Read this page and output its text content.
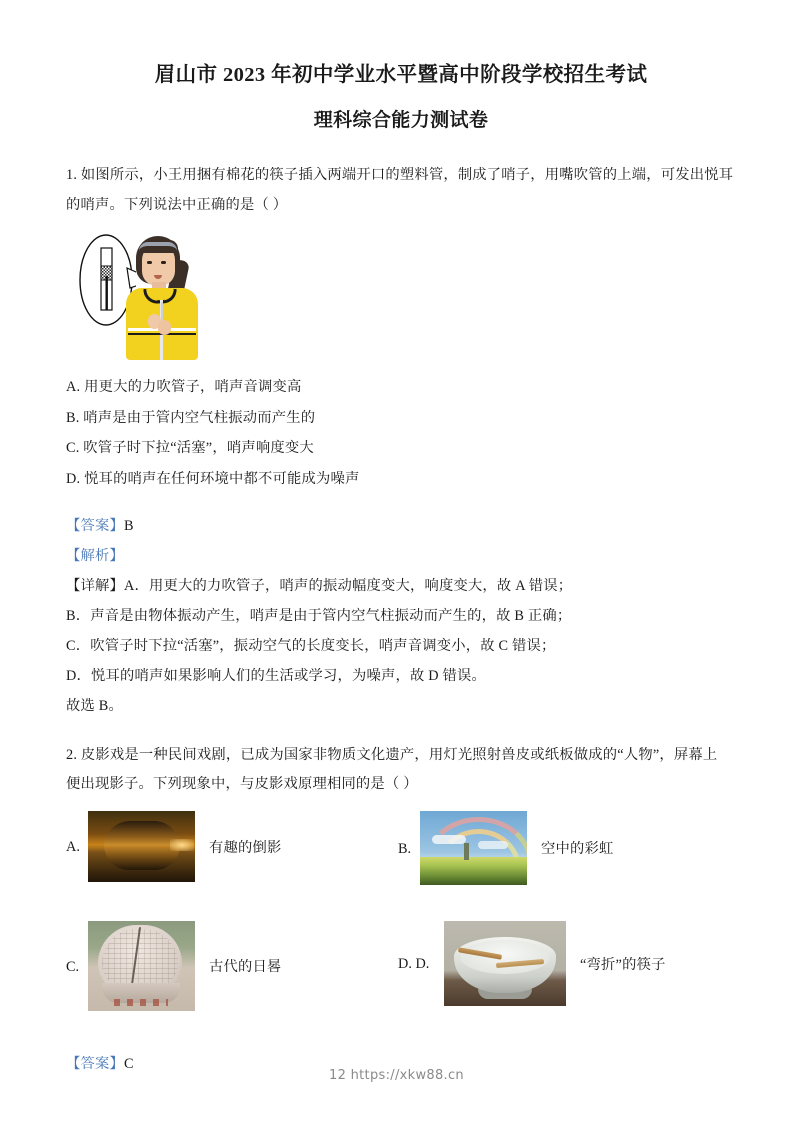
眉山市 2023 年初中学业水平暨高中阶段学校招生考试
理科综合能力测试卷
1. 如图所示，小王用捆有棉花的筷子插入两端开口的塑料管，制成了哨子，用嘴吹管的上端，可发出悦耳
的哨声。下列说法中正确的是（ ）
A. 用更大的力吹管子，哨声音调变高
B. 哨声是由于管内空气柱振动而产生的
C. 吹管子时下拉“活塞”，哨声响度变大
D. 悦耳的哨声在任何环境中都不可能成为噪声
【答案】B
【解析】
【详解】A．用更大的力吹管子，哨声的振动幅度变大，响度变大，故 A 错误；
B．声音是由物体振动产生，哨声是由于管内空气柱振动而产生的，故 B 正确；
C．吹管子时下拉“活塞”，振动空气的长度变长，哨声音调变小，故 C 错误；
D．悦耳的哨声如果影响人们的生活或学习，为噪声，故 D 错误。
故选 B。
2. 皮影戏是一种民间戏剧，已成为国家非物质文化遗产，用灯光照射兽皮或纸板做成的“人物”，屏幕上
便出现影子。下列现象中，与皮影戏原理相同的是（ ）
A.	有趣的倒影	B.	空中的彩虹
C.	古代的日晷	D. D.	“弯折”的筷子
【答案】C
12 https://xkw88.cn
